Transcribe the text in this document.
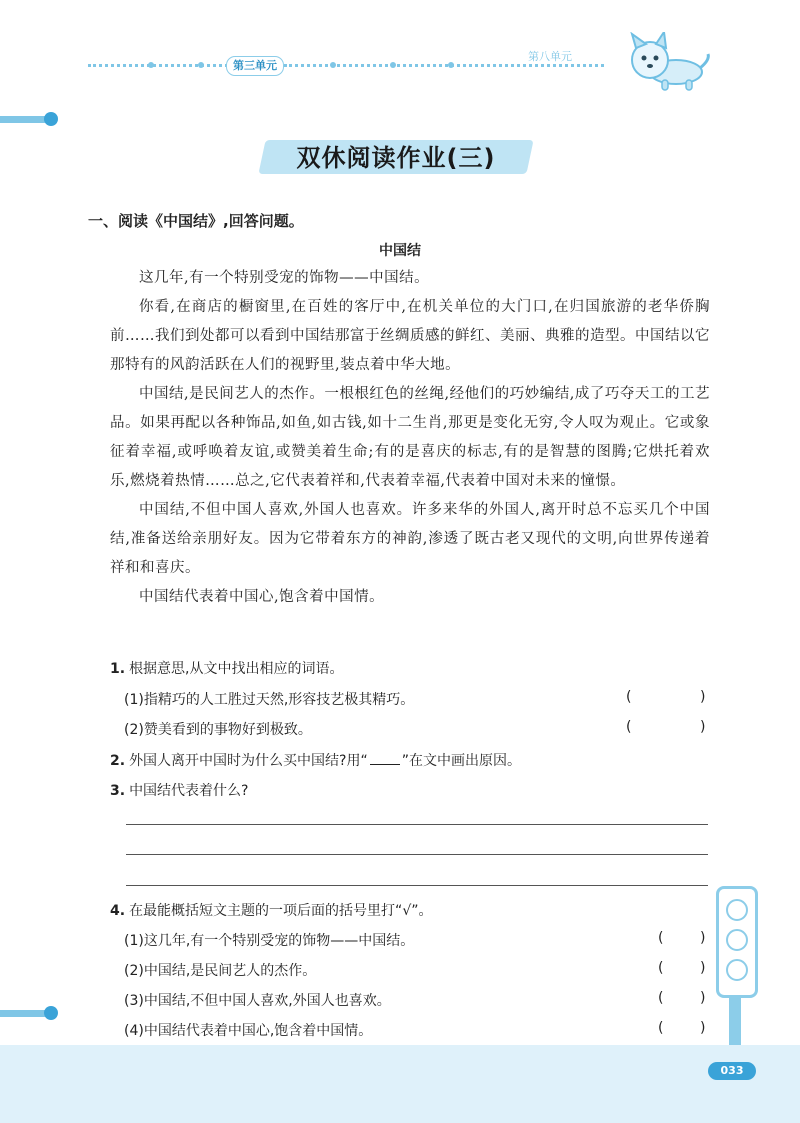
第三单元
第八单元
双休阅读作业(三)
一、阅读《中国结》,回答问题。
中国结

这几年,有一个特别受宠的饰物——中国结。

你看,在商店的橱窗里,在百姓的客厅中,在机关单位的大门口,在归国旅游的老华侨胸前……我们到处都可以看到中国结那富于丝绸质感的鲜红、美丽、典雅的造型。中国结以它那特有的风韵活跃在人们的视野里,装点着中华大地。

中国结,是民间艺人的杰作。一根根红色的丝绳,经他们的巧妙编结,成了巧夺天工的工艺品。如果再配以各种饰品,如鱼,如古钱,如十二生肖,那更是变化无穷,令人叹为观止。它或象征着幸福,或呼唤着友谊,或赞美着生命;有的是喜庆的标志,有的是智慧的图腾;它烘托着欢乐,燃烧着热情……总之,它代表着祥和,代表着幸福,代表着中国对未来的憧憬。

中国结,不但中国人喜欢,外国人也喜欢。许多来华的外国人,离开时总不忘买几个中国结,准备送给亲朋好友。因为它带着东方的神韵,渗透了既古老又现代的文明,向世界传递着祥和和喜庆。

中国结代表着中国心,饱含着中国情。

1. 根据意思,从文中找出相应的词语。
(1)指精巧的人工胜过天然,形容技艺极其精巧。	(	)
(2)赞美看到的事物好到极致。	(	)
2. 外国人离开中国时为什么买中国结?用“ ”在文中画出原因。
3. 中国结代表着什么?
4. 在最能概括短文主题的一项后面的括号里打“√”。
(1)这几年,有一个特别受宠的饰物——中国结。	(	)
(2)中国结,是民间艺人的杰作。	(	)
(3)中国结,不但中国人喜欢,外国人也喜欢。	(	)
(4)中国结代表着中国心,饱含着中国情。	(	)
033
